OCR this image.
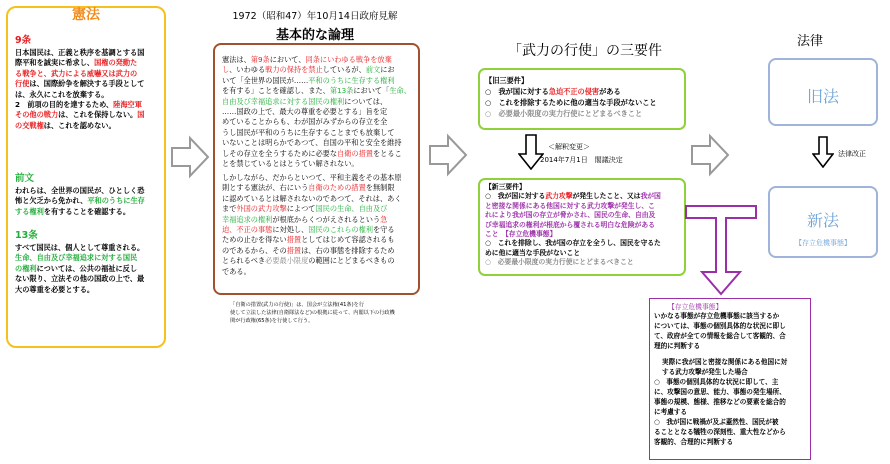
憲法
9条
日本国民は、正義と秩序を基調とする国
際平和を誠実に希求し、国権の発動た
る戦争と、武力による威嚇又は武力の
行使は、国際紛争を解決する手段として
は、永久にこれを放棄する。
2　前項の目的を達するため、陸海空軍
その他の戦力は、これを保持しない。国
の交戦権は、これを認めない。
前文
われらは、全世界の国民が、ひとしく恐
怖と欠乏から免かれ、平和のうちに生存
する権利を有することを確認する。
13条
すべて国民は、個人として尊重される。
生命、自由及び幸福追求に対する国民
の権利については、公共の福祉に反し
ない限り、立法その他の国政の上で、最
大の尊重を必要とする。
1972（昭和47）年10月14日政府見解
基本的な論理
憲法は、第9条において、同条にいわゆる戦争を放棄
し、いわゆる戦力の保持を禁止しているが、前文にお
いて「全世界の国民が……平和のうちに生存する権利
を有する」ことを確認し、また、第13条において「生命、
自由及び幸福追求に対する国民の権利については、
……国政の上で、最大の尊重を必要とする」旨を定
めていることからも、わが国がみずからの存立を全
うし国民が平和のうちに生存することまでも放棄して
いないことは明らかであつて、自国の平和と安全を維持
しその存立を全うするために必要な自衛の措置をとるこ
とを禁じているとはとうてい解されない。
しかしながら、だからといつて、平和主義をその基本原
則とする憲法が、右にいう自衛のための措置を無制限
に認めているとは解されないのであつて、それは、あく
まで外国の武力攻撃によつて国民の生命、自由及び
幸福追求の権利が根底からくつがえされるという急
迫、不正の事態に対処し、国民のこれらの権利を守る
ための止むを得ない措置としてはじめて容認されるも
のであるから、その措置は、右の事態を排除するため
とられるべき必要最小限度の範囲にとどまるべきもの
である。
「自衛の措置(武力の行使)」は、国会が立法権(41条)を行
使して立法した法律(自衛隊法など)の根拠に従って、内閣以下の行政機
関が行政権(65条)を行使して行う。
「武力の行使」の三要件
【旧三要件】
○　我が国に対する急迫不正の侵害がある
○　これを排除するために他の適当な手段がないこと
○　必要最小限度の実力行使にとどまるべきこと
＜解釈変更＞
2014年7月1日　閣議決定
【新三要件】
○　我が国に対する武力攻撃が発生したこと、又は我が国
と密接な関係にある他国に対する武力攻撃が発生し、こ
れにより我が国の存立が脅かされ、国民の生命、自由及
び幸福追求の権利が根底から覆される明白な危険がある
こと　【存立危機事態】
○　これを排除し、我が国の存立を全うし、国民を守るた
めに他に適当な手段がないこと
○　必要最小限度の実力行使にとどまるべきこと
法律
旧法
法律改正
新法
【存立危機事態】
【存立危機事態】
いかなる事態が存立危機事態に該当するか
については、事態の個別具体的な状況に即し
て、政府が全ての情報を総合して客観的、合
理的に判断する
実際に我が国と密接な関係にある他国に対
する武力攻撃が発生した場合
○　事態の個別具体的な状況に即して、主
に、攻撃国の意思、能力、事態の発生場所、
事態の規模、態様、推移などの要素を総合的
に考慮する
○　我が国に戦禍が及ぶ蓋然性、国民が被
ることとなる犠牲の深刻性、重大性などから
客観的、合理的に判断する
